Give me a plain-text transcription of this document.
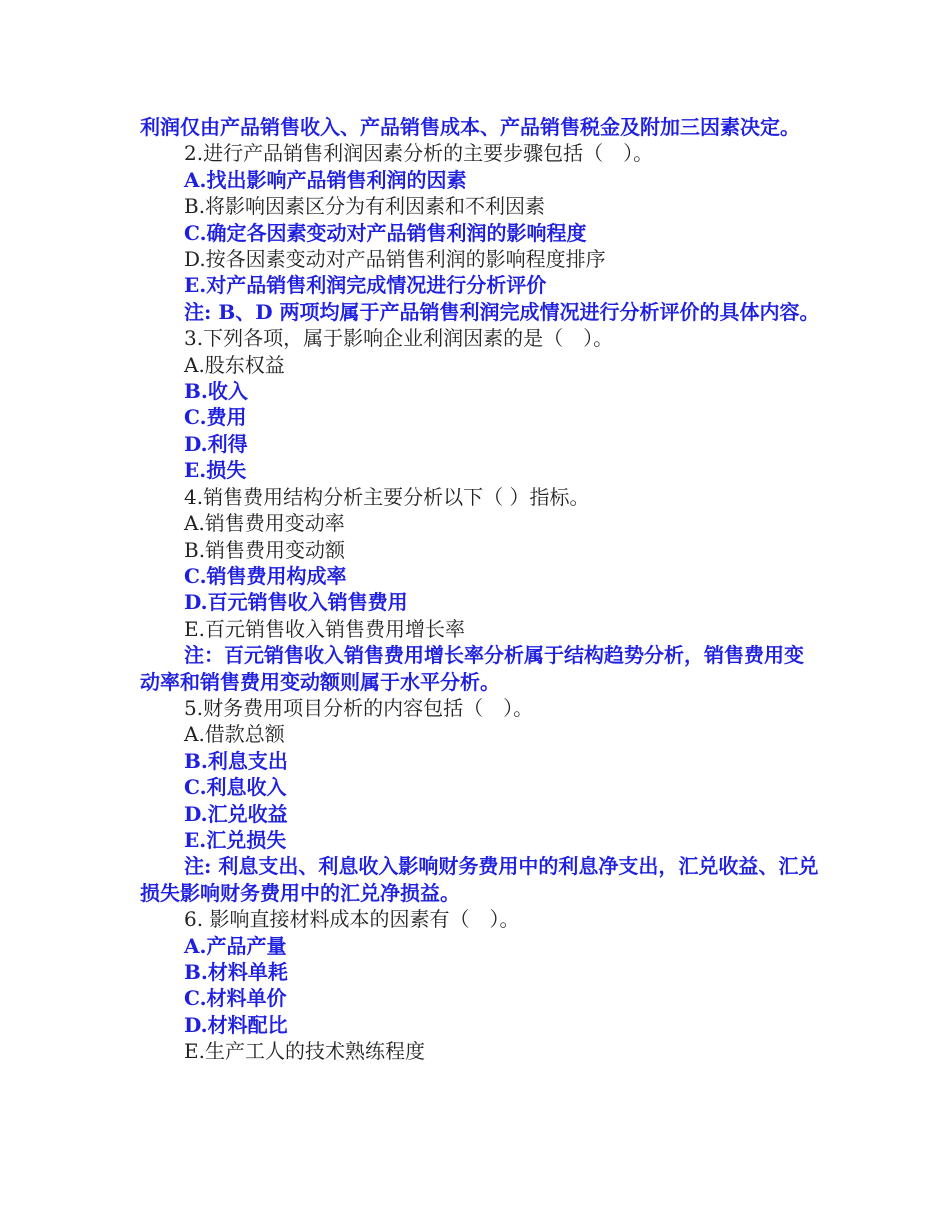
利润仅由产品销售收入、产品销售成本、产品销售税金及附加三因素决定。
2.进行产品销售利润因素分析的主要步骤包括（　）。
A.找出影响产品销售利润的因素
B.将影响因素区分为有利因素和不利因素
C.确定各因素变动对产品销售利润的影响程度
D.按各因素变动对产品销售利润的影响程度排序
E.对产品销售利润完成情况进行分析评价
注: B、D 两项均属于产品销售利润完成情况进行分析评价的具体内容。
3.下列各项，属于影响企业利润因素的是（　）。
A.股东权益
B.收入
C.费用
D.利得
E.损失
4.销售费用结构分析主要分析以下（ ）指标。
A.销售费用变动率
B.销售费用变动额
C.销售费用构成率
D.百元销售收入销售费用
E.百元销售收入销售费用增长率
注：百元销售收入销售费用增长率分析属于结构趋势分析，销售费用变动率和销售费用变动额则属于水平分析。
5.财务费用项目分析的内容包括（　）。
A.借款总额
B.利息支出
C.利息收入
D.汇兑收益
E.汇兑损失
注: 利息支出、利息收入影响财务费用中的利息净支出，汇兑收益、汇兑损失影响财务费用中的汇兑净损益。
6. 影响直接材料成本的因素有（　）。
A.产品产量
B.材料单耗
C.材料单价
D.材料配比
E.生产工人的技术熟练程度
